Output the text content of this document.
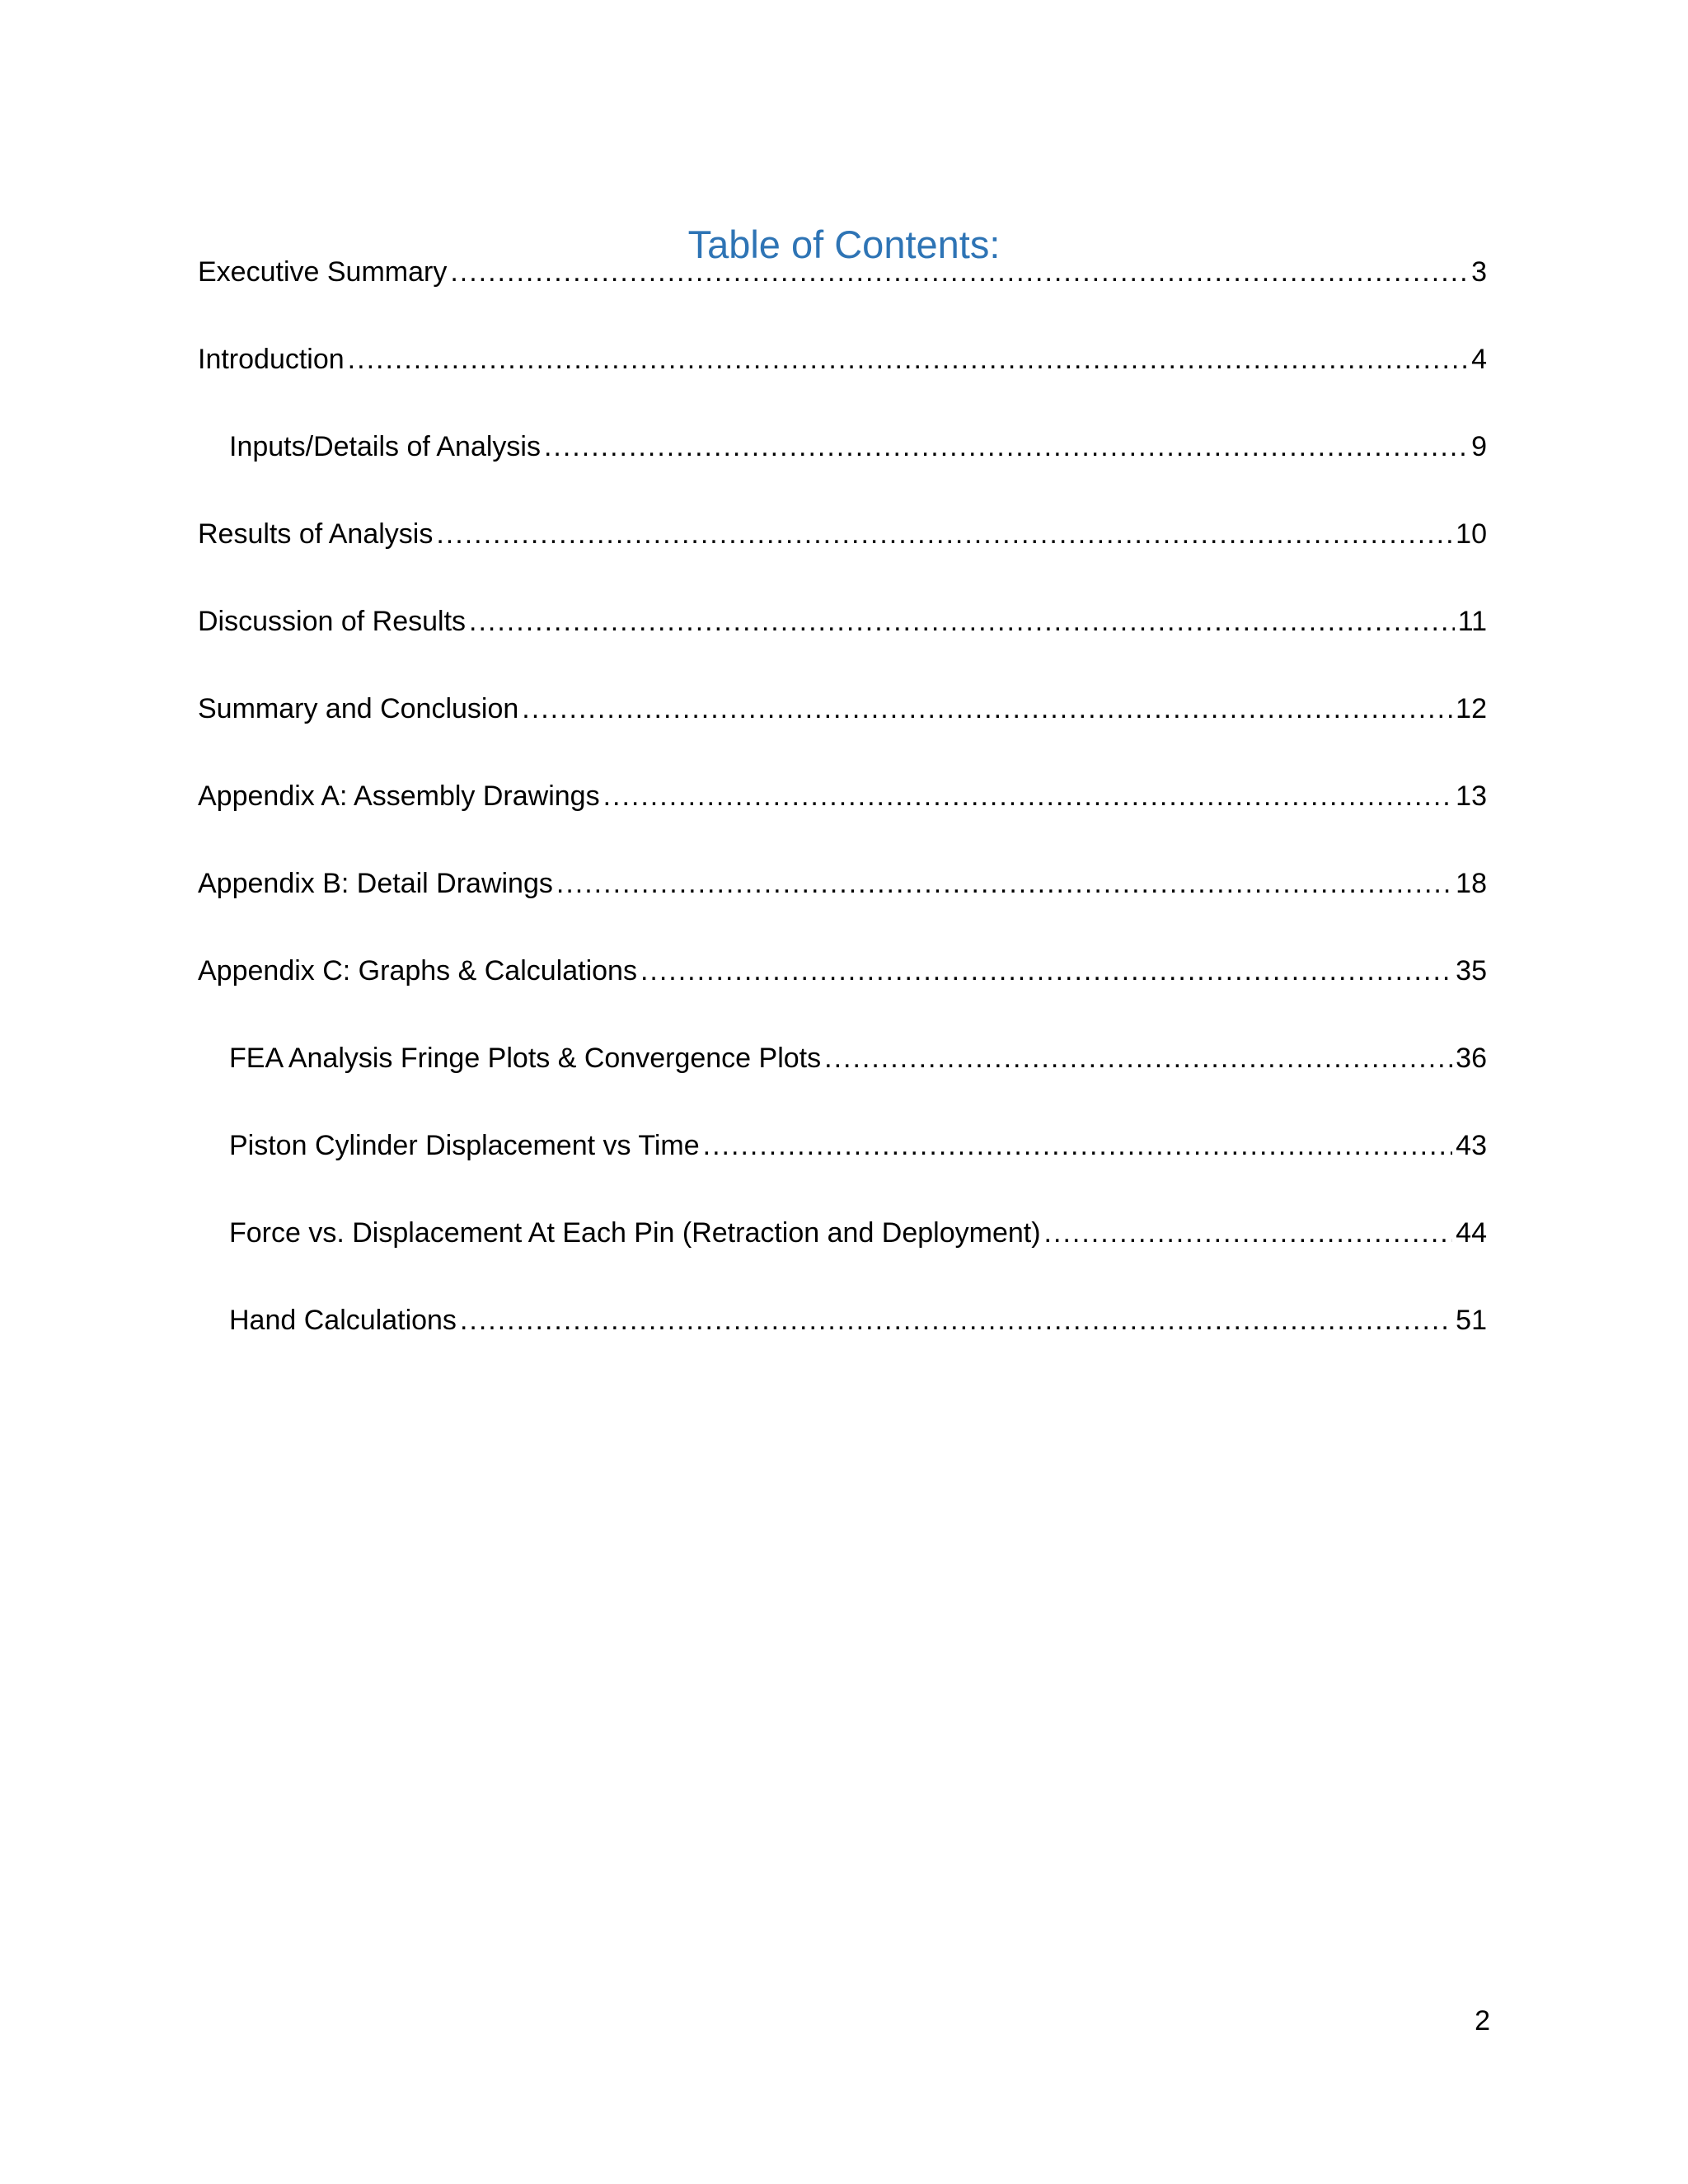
Table of Contents:
Executive Summary .....	3
Introduction .....	4
Inputs/Details of Analysis .....	9
Results of Analysis .....	10
Discussion of Results .....	11
Summary and Conclusion .....	12
Appendix A: Assembly Drawings .....	13
Appendix B: Detail Drawings .....	18
Appendix C: Graphs & Calculations .....	35
FEA Analysis Fringe Plots & Convergence Plots .....	36
Piston Cylinder Displacement vs Time .....	43
Force vs. Displacement At Each Pin (Retraction and Deployment) .....	44
Hand Calculations .....	51
2
